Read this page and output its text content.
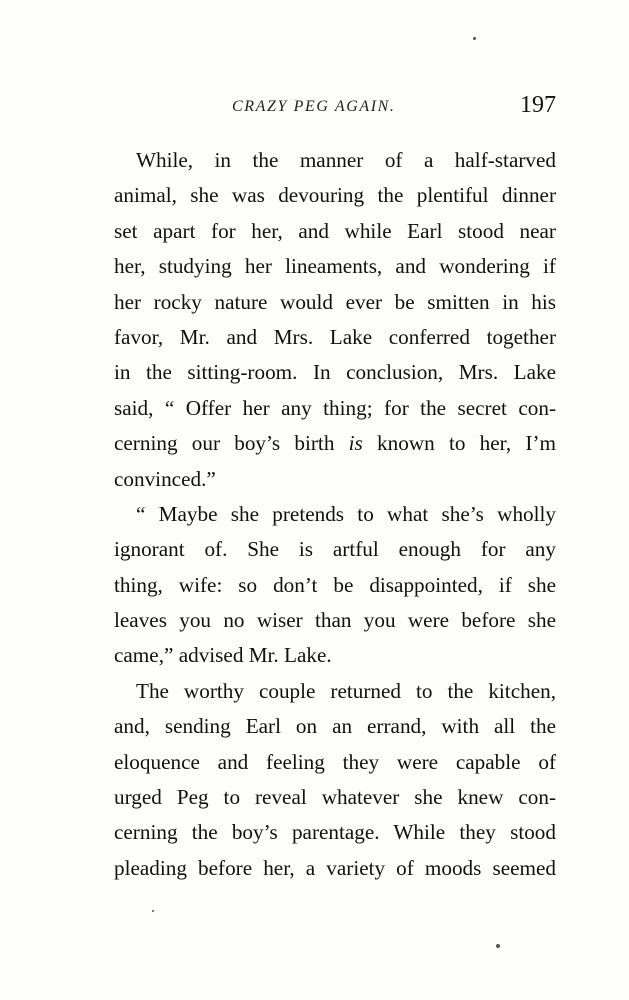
CRAZY PEG AGAIN.	197
While, in the manner of a half-starved
animal, she was devouring the plentiful dinner
set apart for her, and while Earl stood near
her, studying her lineaments, and wondering if
her rocky nature would ever be smitten in his
favor, Mr. and Mrs. Lake conferred together
in the sitting-room. In conclusion, Mrs. Lake
said, “ Offer her any thing; for the secret con-
cerning our boy’s birth is known to her, I’m
convinced.”
“ Maybe she pretends to what she’s wholly
ignorant of. She is artful enough for any
thing, wife: so don’t be disappointed, if she
leaves you no wiser than you were before she
came,” advised Mr. Lake.
The worthy couple returned to the kitchen,
and, sending Earl on an errand, with all the
eloquence and feeling they were capable of
urged Peg to reveal whatever she knew con-
cerning the boy’s parentage. While they stood
pleading before her, a variety of moods seemed
